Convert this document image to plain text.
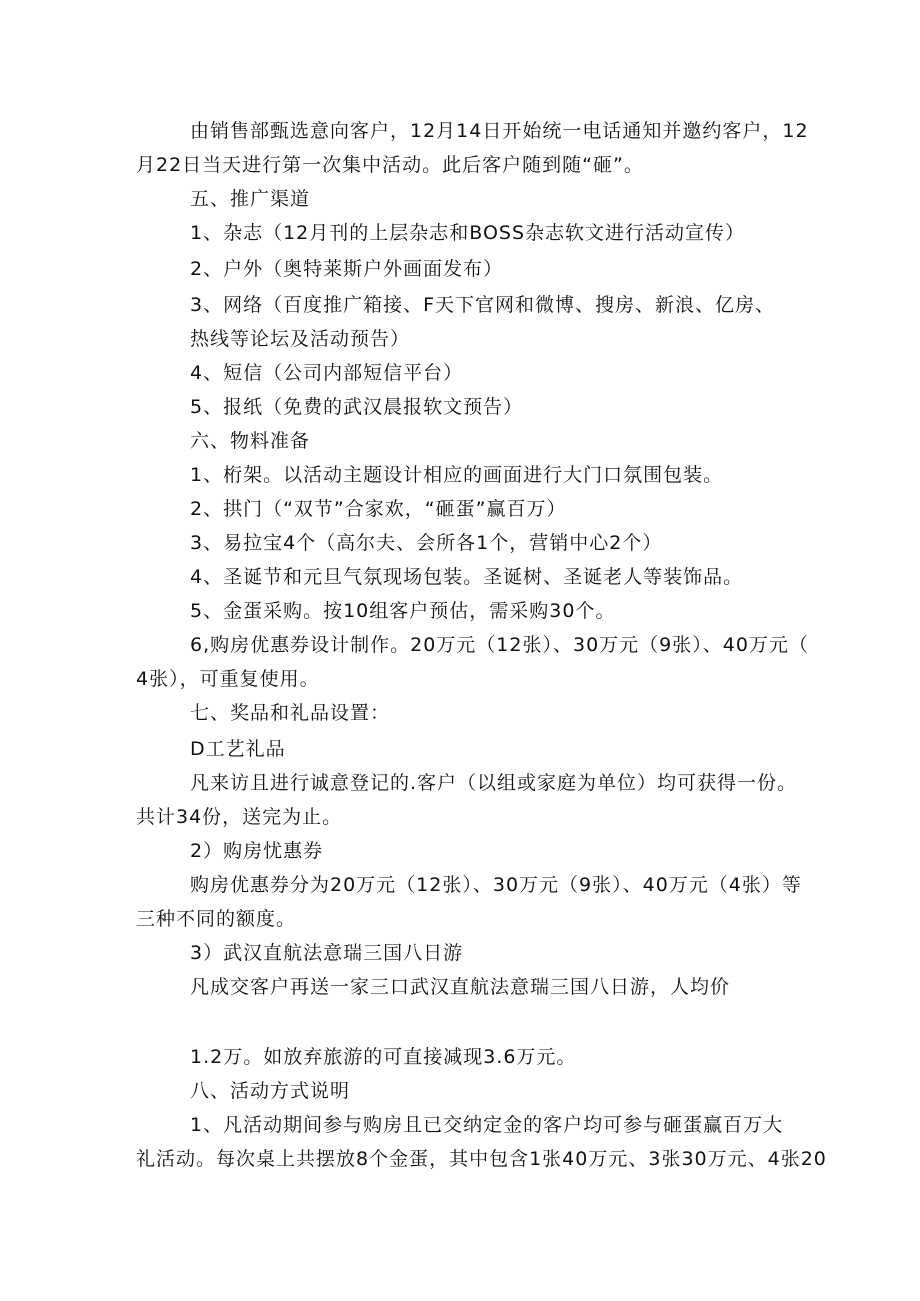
由销售部甄选意向客户，12月14日开始统一电话通知并邀约客户，12
月22日当天进行第一次集中活动。此后客户随到随“砸”。
五、推广渠道
1、杂志（12月刊的上层杂志和BOSS杂志软文进行活动宣传）
2、户外（奥特莱斯户外画面发布）
3、网络（百度推广箱接、F天下官网和微博、搜房、新浪、亿房、
热线等论坛及活动预告）
4、短信（公司内部短信平台）
5、报纸（免费的武汉晨报软文预告）
六、物料准备
1、桁架。以活动主题设计相应的画面进行大门口氛围包装。
2、拱门（“双节”合家欢，“砸蛋”赢百万）
3、易拉宝4个（高尔夫、会所各1个，营销中心2个）
4、圣诞节和元旦气氛现场包装。圣诞树、圣诞老人等装饰品。
5、金蛋采购。按10组客户预估，需采购30个。
6,购房优惠券设计制作。20万元（12张）、30万元（9张）、40万元（
4张），可重复使用。
七、奖品和礼品设置：
D工艺礼品
凡来访且进行诚意登记的.客户（以组或家庭为单位）均可获得一份。
共计34份，送完为止。
2）购房忧惠券
购房优惠券分为20万元（12张）、30万元（9张）、40万元（4张）等
三种不同的额度。
3）武汉直航法意瑞三国八日游
凡成交客户再送一家三口武汉直航法意瑞三国八日游，人均价
1.2万。如放弃旅游的可直接减现3.6万元。
八、活动方式说明
1、凡活动期间参与购房且已交纳定金的客户均可参与砸蛋赢百万大
礼活动。每次桌上共摆放8个金蛋，其中包含1张40万元、3张30万元、4张20
